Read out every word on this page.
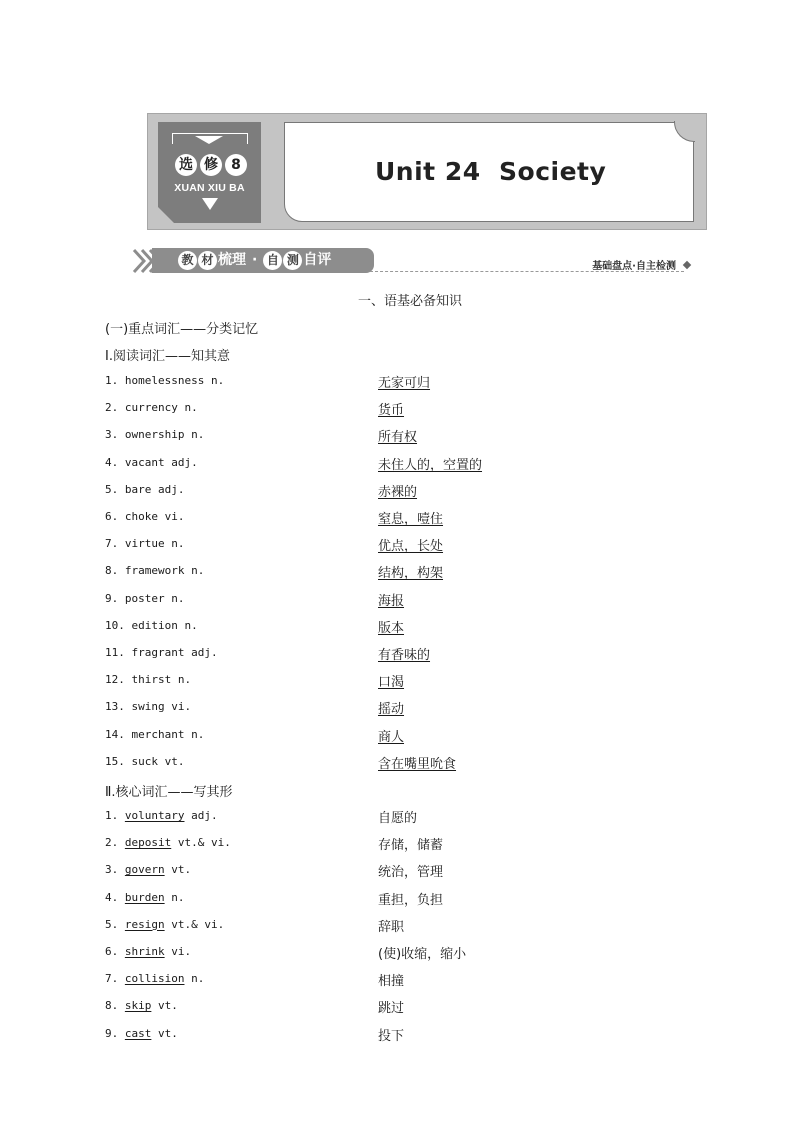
选 修 8
XUAN XIU BA
Unit 24  Society
教 材 梳理 · 自 测 自评	基础盘点·自主检测
一、语基必备知识
(一)重点词汇——分类记忆
Ⅰ.阅读词汇——知其意
1. homelessness n.	无家可归
2. currency n.	货币
3. ownership n.	所有权
4. vacant adj.	未住人的，空置的
5. bare adj.	赤裸的
6. choke vi.	窒息，噎住
7. virtue n.	优点，长处
8. framework n.	结构，构架
9. poster n.	海报
10. edition n.	版本
11. fragrant adj.	有香味的
12. thirst n.	口渴
13. swing vi.	摇动
14. merchant n.	商人
15. suck vt.	含在嘴里吮食
Ⅱ.核心词汇——写其形
1. voluntary adj.	自愿的
2. deposit vt.& vi.	存储，储蓄
3. govern vt.	统治，管理
4. burden n.	重担，负担
5. resign vt.& vi.	辞职
6. shrink vi.	(使)收缩，缩小
7. collision n.	相撞
8. skip vt.	跳过
9. cast vt.	投下
